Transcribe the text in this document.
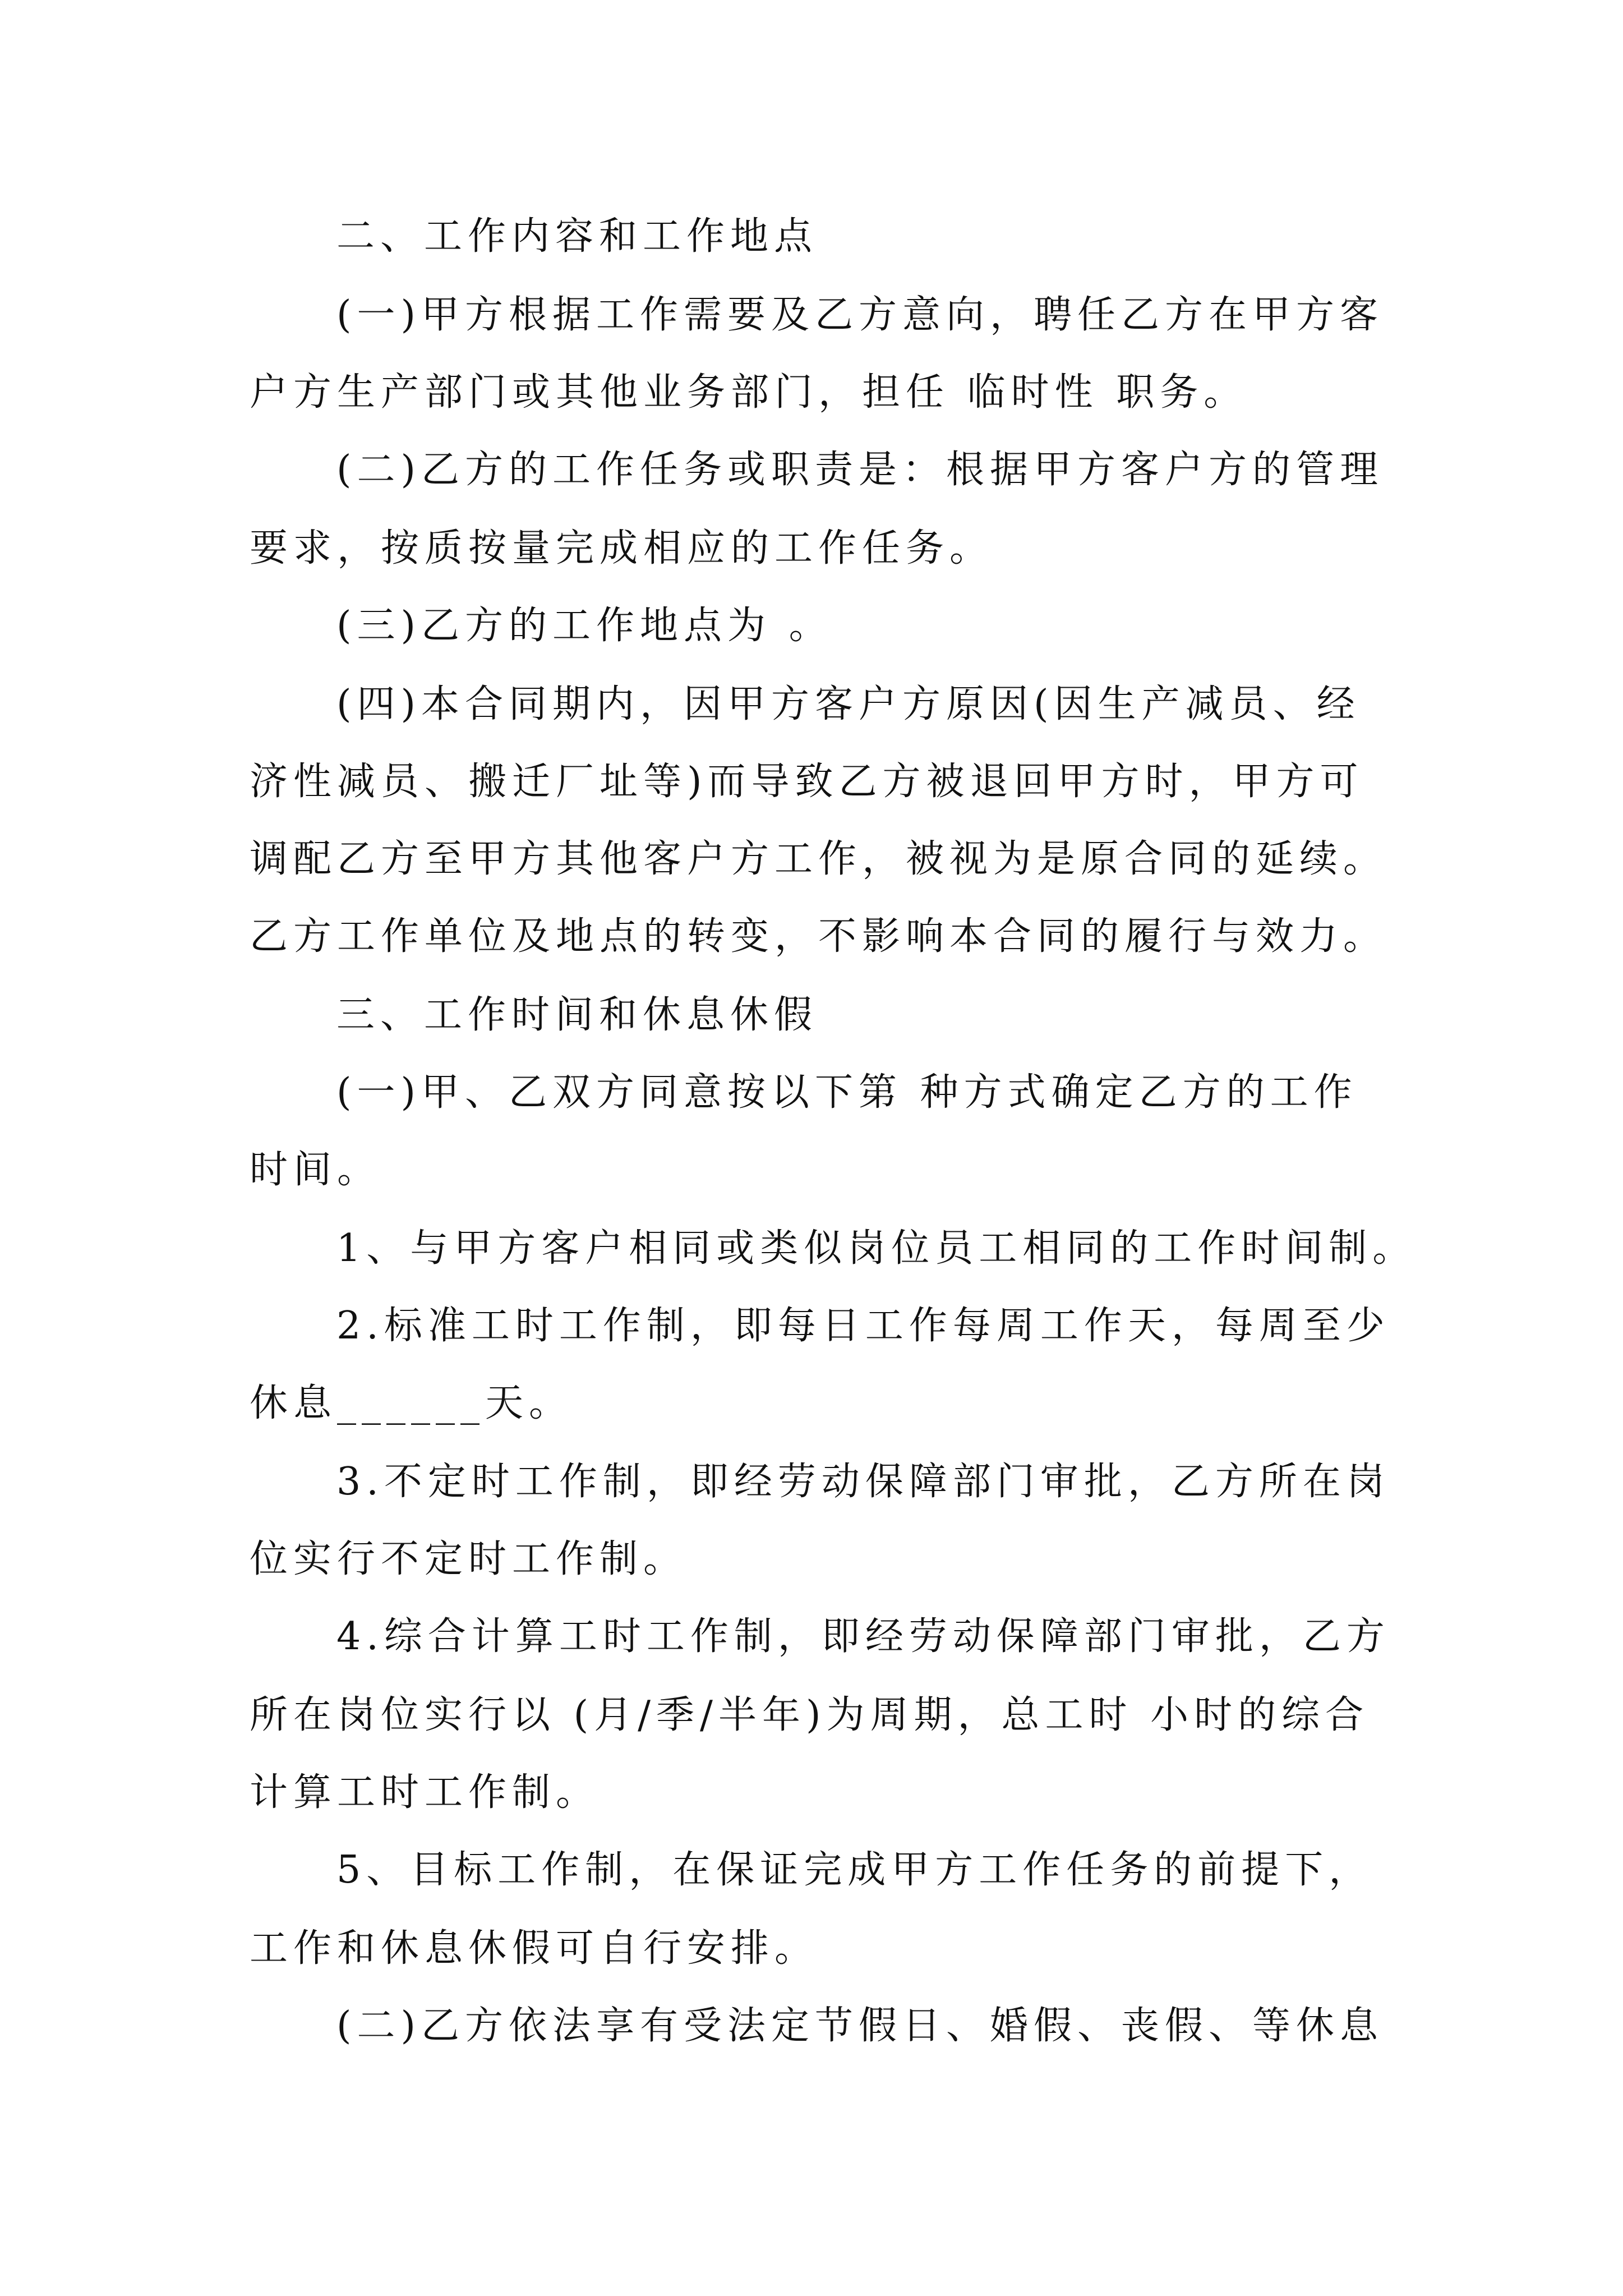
二、工作内容和工作地点
(一)甲方根据工作需要及乙方意向，聘任乙方在甲方客
户方生产部门或其他业务部门，担任 临时性 职务。
(二)乙方的工作任务或职责是：根据甲方客户方的管理
要求，按质按量完成相应的工作任务。
(三)乙方的工作地点为 。
(四)本合同期内，因甲方客户方原因(因生产减员、经
济性减员、搬迁厂址等)而导致乙方被退回甲方时，甲方可
调配乙方至甲方其他客户方工作，被视为是原合同的延续。
乙方工作单位及地点的转变，不影响本合同的履行与效力。
三、工作时间和休息休假
(一)甲、乙双方同意按以下第 种方式确定乙方的工作
时间。
1、与甲方客户相同或类似岗位员工相同的工作时间制。
2.标准工时工作制，即每日工作每周工作天，每周至少
休息______天。
3.不定时工作制，即经劳动保障部门审批，乙方所在岗
位实行不定时工作制。
4.综合计算工时工作制，即经劳动保障部门审批，乙方
所在岗位实行以 (月/季/半年)为周期，总工时 小时的综合
计算工时工作制。
5、目标工作制，在保证完成甲方工作任务的前提下，
工作和休息休假可自行安排。
(二)乙方依法享有受法定节假日、婚假、丧假、等休息
